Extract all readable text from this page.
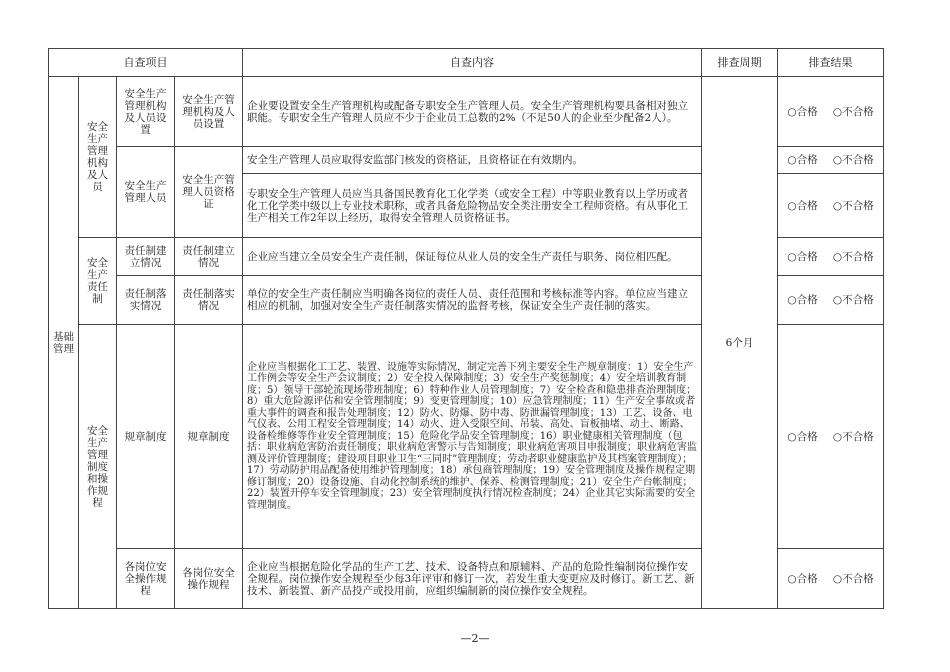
自查项目				自查内容	排查周期	排查结果
基础管理	安全生产管理机构及人员	安全生产管理机构及人员设置	安全生产管理机构及人员设置	企业要设置安全生产管理机构或配备专职安全生产管理人员。安全生产管理机构要具备相对独立职能。专职安全生产管理人员应不少于企业员工总数的2%（不足50人的企业至少配备2人）。	6个月	○合格 ○不合格
		安全生产管理人员	安全生产管理人员资格证	安全生产管理人员应取得安监部门核发的资格证，且资格证在有效期内。		○合格 ○不合格
				专职安全生产管理人员应当具备国民教育化工化学类（或安全工程）中等职业教育以上学历或者化工化学类中级以上专业技术职称，或者具备危险物品安全类注册安全工程师资格。有从事化工生产相关工作2年以上经历，取得安全管理人员资格证书。		○合格 ○不合格
	安全生产责任制	责任制建立情况	责任制建立情况	企业应当建立全员安全生产责任制，保证每位从业人员的安全生产责任与职务、岗位相匹配。		○合格 ○不合格
		责任制落实情况	责任制落实情况	单位的安全生产责任制应当明确各岗位的责任人员、责任范围和考核标准等内容。单位应当建立相应的机制，加强对安全生产责任制落实情况的监督考核，保证安全生产责任制的落实。		○合格 ○不合格
	安全生产管理制度和操作规程	规章制度	规章制度	企业应当根据化工工艺、装置、设施等实际情况，制定完善下列主要安全生产规章制度：1）安全生产工作例会等安全生产会议制度；2）安全投入保障制度；3）安全生产奖惩制度；4）安全培训教育制度；5）领导干部轮流现场带班制度；6）特种作业人员管理制度；7）安全检查和隐患排查治理制度；8）重大危险源评估和安全管理制度；9）变更管理制度；10）应急管理制度；11）生产安全事故或者重大事件的调查和报告处理制度；12）防火、防爆、防中毒、防泄漏管理制度；13）工艺、设备、电气仪表、公用工程安全管理制度；14）动火、进入受限空间、吊装、高处、盲板抽堵、动土、断路、设备检维修等作业安全管理制度；15）危险化学品安全管理制度；16）职业健康相关管理制度（包括：职业病危害防治责任制度；职业病危害警示与告知制度；职业病危害项目申报制度；职业病危害监测及评价管理制度；建设项目职业卫生“三同时”管理制度；劳动者职业健康监护及其档案管理制度）；17）劳动防护用品配备使用维护管理制度；18）承包商管理制度；19）安全管理制度及操作规程定期修订制度；20）设备设施、自动化控制系统的维护、保养、检测管理制度；21）安全生产台帐制度；22）装置开停车安全管理制度；23）安全管理制度执行情况检查制度；24）企业其它实际需要的安全管理制度。		○合格 ○不合格
		各岗位安全操作规程	各岗位安全操作规程	企业应当根据危险化学品的生产工艺、技术、设备特点和原辅料、产品的危险性编制岗位操作安全规程。岗位操作安全规程至少每3年评审和修订一次，若发生重大变更应及时修订。新工艺、新技术、新装置、新产品投产或投用前，应组织编制新的岗位操作安全规程。		○合格 ○不合格
—2—
